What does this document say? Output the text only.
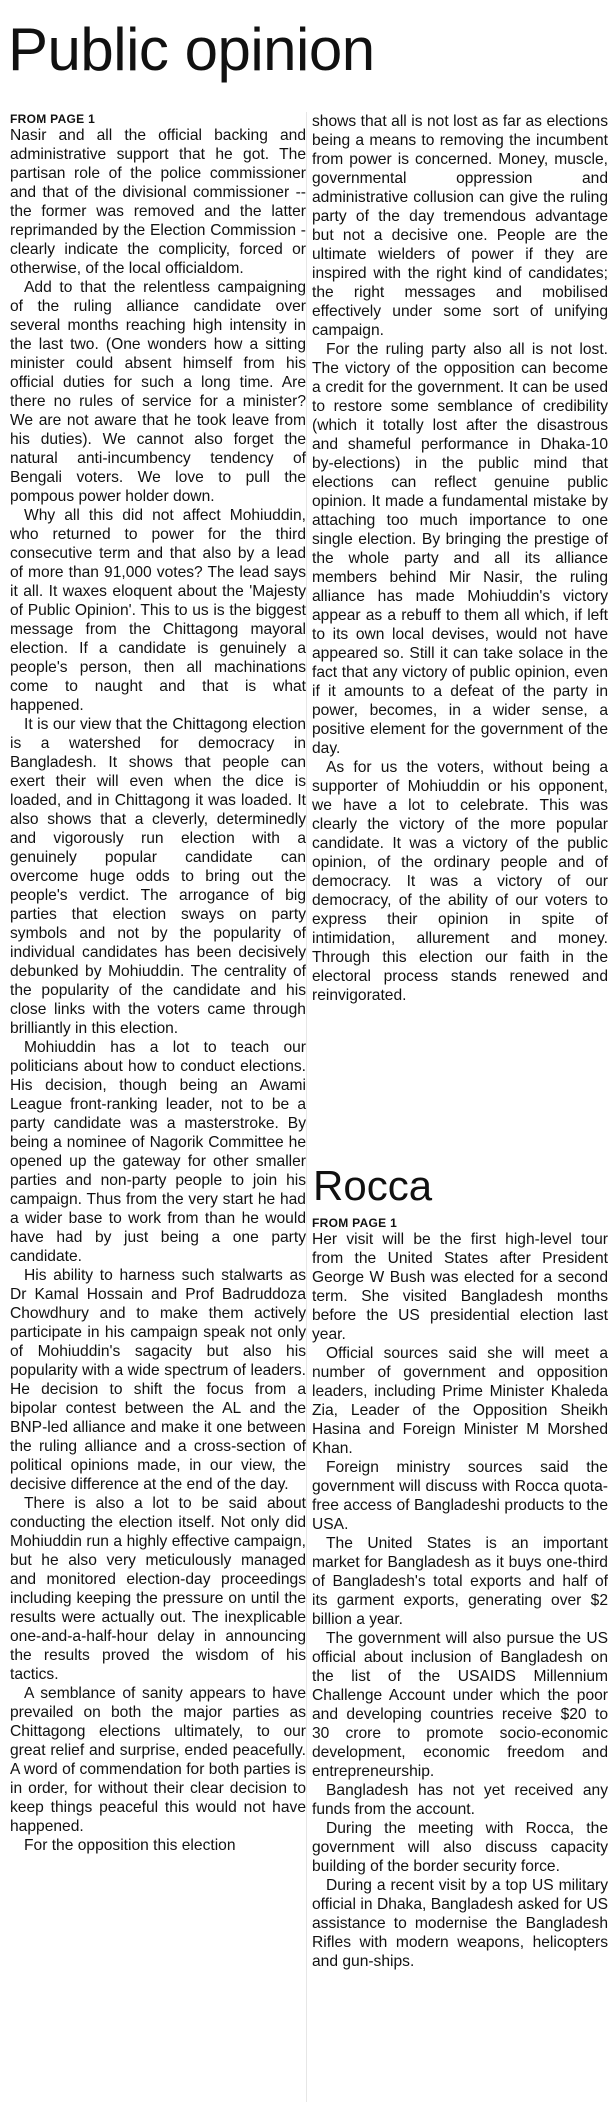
Public opinion
FROM PAGE 1

Nasir and all the official backing and administrative support that he got. The partisan role of the police commissioner and that of the divisional commissioner -- the former was removed and the latter reprimanded by the Election Commission - clearly indicate the complicity, forced or otherwise, of the local officialdom.

Add to that the relentless campaigning of the ruling alliance candidate over several months reaching high intensity in the last two. (One wonders how a sitting minister could absent himself from his official duties for such a long time. Are there no rules of service for a minister? We are not aware that he took leave from his duties). We cannot also forget the natural anti-incumbency tendency of Bengali voters. We love to pull the pompous power holder down.

Why all this did not affect Mohiuddin, who returned to power for the third consecutive term and that also by a lead of more than 91,000 votes? The lead says it all. It waxes eloquent about the 'Majesty of Public Opinion'. This to us is the biggest message from the Chittagong mayoral election. If a candidate is genuinely a people's person, then all machinations come to naught and that is what happened.

It is our view that the Chittagong election is a watershed for democracy in Bangladesh. It shows that people can exert their will even when the dice is loaded, and in Chittagong it was loaded. It also shows that a cleverly, determinedly and vigorously run election with a genuinely popular candidate can overcome huge odds to bring out the people's verdict. The arrogance of big parties that election sways on party symbols and not by the popularity of individual candidates has been decisively debunked by Mohiuddin. The centrality of the popularity of the candidate and his close links with the voters came through brilliantly in this election.

Mohiuddin has a lot to teach our politicians about how to conduct elections. His decision, though being an Awami League front-ranking leader, not to be a party candidate was a masterstroke. By being a nominee of Nagorik Committee he opened up the gateway for other smaller parties and non-party people to join his campaign. Thus from the very start he had a wider base to work from than he would have had by just being a one party candidate.

His ability to harness such stalwarts as Dr Kamal Hossain and Prof Badruddoza Chowdhury and to make them actively participate in his campaign speak not only of Mohiuddin's sagacity but also his popularity with a wide spectrum of leaders. He decision to shift the focus from a bipolar contest between the AL and the BNP-led alliance and make it one between the ruling alliance and a cross-section of political opinions made, in our view, the decisive difference at the end of the day.

There is also a lot to be said about conducting the election itself. Not only did Mohiuddin run a highly effective campaign, but he also very meticulously managed and monitored election-day proceedings including keeping the pressure on until the results were actually out. The inexplicable one-and-a-half-hour delay in announcing the results proved the wisdom of his tactics.

A semblance of sanity appears to have prevailed on both the major parties as Chittagong elections ultimately, to our great relief and surprise, ended peacefully. A word of commendation for both parties is in order, for without their clear decision to keep things peaceful this would not have happened.

For the opposition this election

shows that all is not lost as far as elections being a means to removing the incumbent from power is concerned. Money, muscle, governmental oppression and administrative collusion can give the ruling party of the day tremendous advantage but not a decisive one. People are the ultimate wielders of power if they are inspired with the right kind of candidates; the right messages and mobilised effectively under some sort of unifying campaign.

For the ruling party also all is not lost. The victory of the opposition can become a credit for the government. It can be used to restore some semblance of credibility (which it totally lost after the disastrous and shameful performance in Dhaka-10 by-elections) in the public mind that elections can reflect genuine public opinion. It made a fundamental mistake by attaching too much importance to one single election. By bringing the prestige of the whole party and all its alliance members behind Mir Nasir, the ruling alliance has made Mohiuddin's victory appear as a rebuff to them all which, if left to its own local devises, would not have appeared so. Still it can take solace in the fact that any victory of public opinion, even if it amounts to a defeat of the party in power, becomes, in a wider sense, a positive element for the government of the day.

As for us the voters, without being a supporter of Mohiuddin or his opponent, we have a lot to celebrate. This was clearly the victory of the more popular candidate. It was a victory of the public opinion, of the ordinary people and of democracy. It was a victory of our democracy, of the ability of our voters to express their opinion in spite of intimidation, allurement and money. Through this election our faith in the electoral process stands renewed and reinvigorated.

Rocca
FROM PAGE 1

Her visit will be the first high-level tour from the United States after President George W Bush was elected for a second term. She visited Bangladesh months before the US presidential election last year.

Official sources said she will meet a number of government and opposition leaders, including Prime Minister Khaleda Zia, Leader of the Opposition Sheikh Hasina and Foreign Minister M Morshed Khan.

Foreign ministry sources said the government will discuss with Rocca quota-free access of Bangladeshi products to the USA.

The United States is an important market for Bangladesh as it buys one-third of Bangladesh's total exports and half of its garment exports, generating over $2 billion a year.

The government will also pursue the US official about inclusion of Bangladesh on the list of the USAIDS Millennium Challenge Account under which the poor and developing countries receive $20 to 30 crore to promote socio-economic development, economic freedom and entrepreneurship.

Bangladesh has not yet received any funds from the account.

During the meeting with Rocca, the government will also discuss capacity building of the border security force.

During a recent visit by a top US military official in Dhaka, Bangladesh asked for US assistance to modernise the Bangladesh Rifles with modern weapons, helicopters and gun-ships.
